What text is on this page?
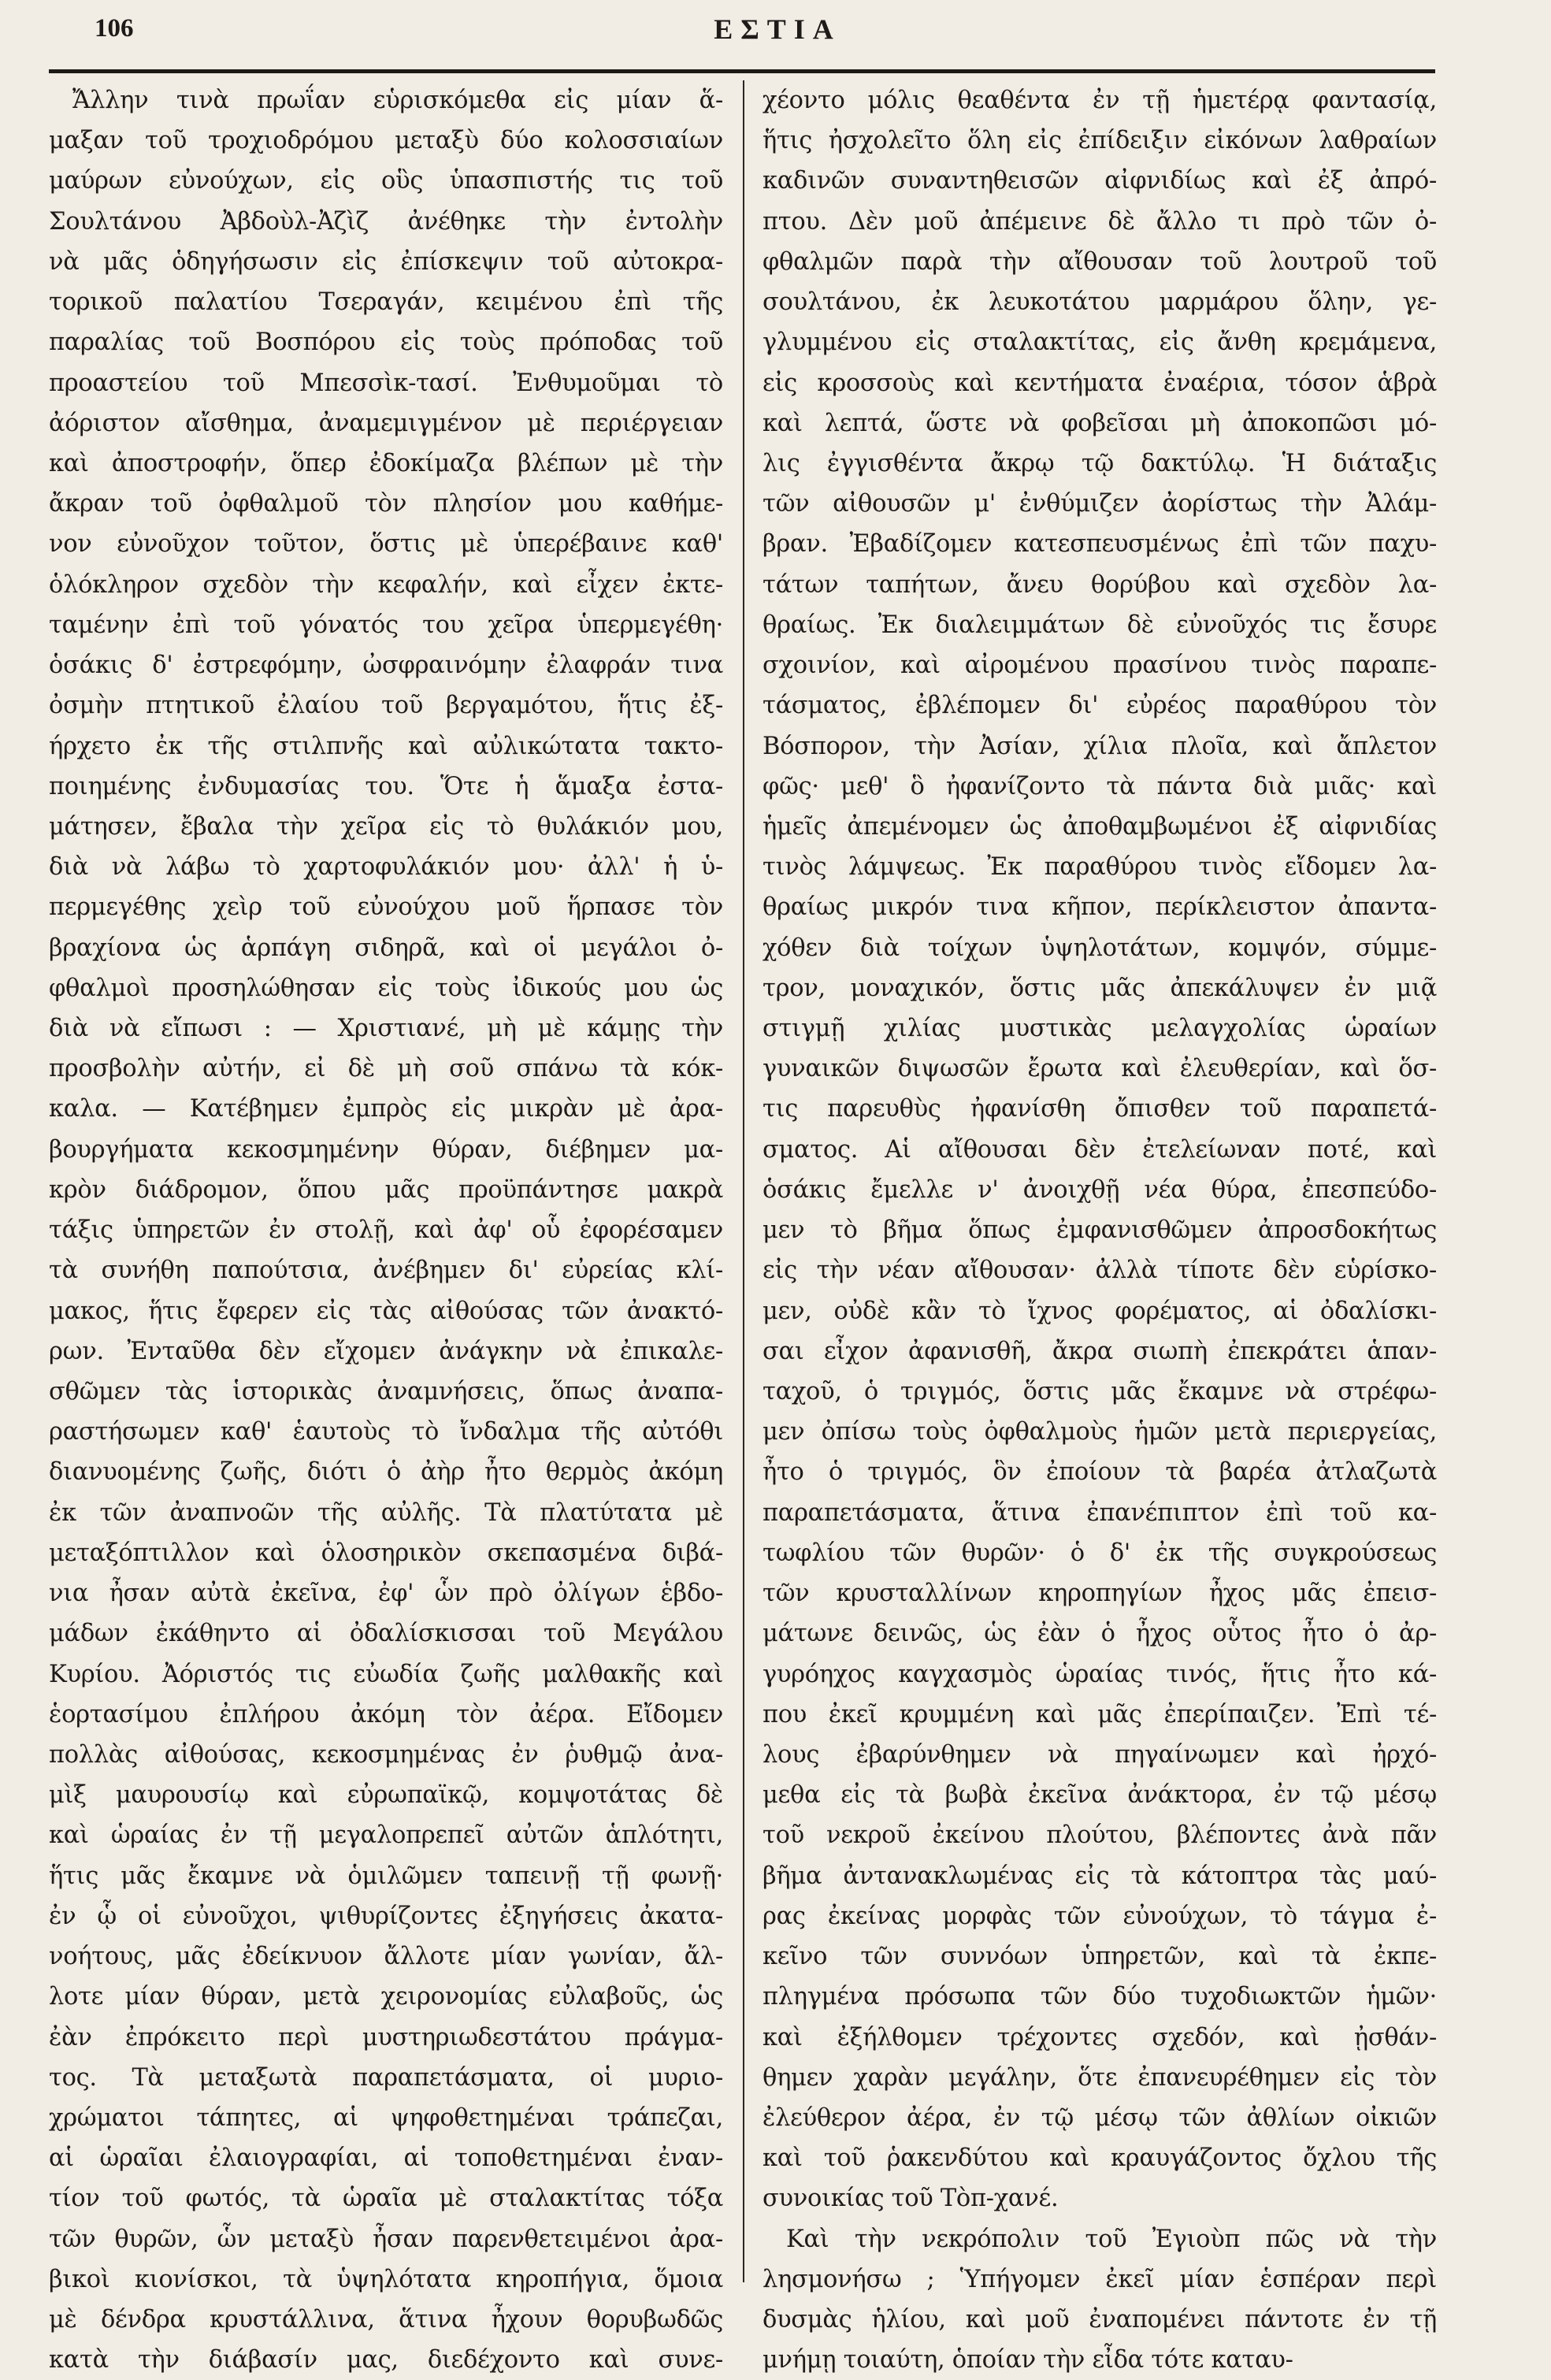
106	ΕΣΤΙΑ
Ἄλλην τινὰ πρωΐαν εὑρισκόμεθα εἰς μίαν ἅ-
μαξαν τοῦ τροχιοδρόμου μεταξὺ δύο κολοσσιαίων
μαύρων εὐνούχων, εἰς οὓς ὑπασπιστής τις τοῦ
Σουλτάνου Ἀβδοὺλ-Ἀζὶζ ἀνέθηκε τὴν ἐντολὴν
νὰ μᾶς ὁδηγήσωσιν εἰς ἐπίσκεψιν τοῦ αὐτοκρα-
τορικοῦ παλατίου Τσεραγάν, κειμένου ἐπὶ τῆς
παραλίας τοῦ Βοσπόρου εἰς τοὺς πρόποδας τοῦ
προαστείου τοῦ Μπεσσὶκ-τασί. Ἐνθυμοῦμαι τὸ
ἀόριστον αἴσθημα, ἀναμεμιγμένον μὲ περιέργειαν
καὶ ἀποστροφήν, ὅπερ ἐδοκίμαζα βλέπων μὲ τὴν
ἄκραν τοῦ ὀφθαλμοῦ τὸν πλησίον μου καθήμε-
νον εὐνοῦχον τοῦτον, ὅστις μὲ ὑπερέβαινε καθ'
ὁλόκληρον σχεδὸν τὴν κεφαλήν, καὶ εἶχεν ἐκτε-
ταμένην ἐπὶ τοῦ γόνατός του χεῖρα ὑπερμεγέθη·
ὁσάκις δ' ἐστρεφόμην, ὠσφραινόμην ἐλαφράν τινα
ὀσμὴν πτητικοῦ ἐλαίου τοῦ βεργαμότου, ἥτις ἐξ-
ήρχετο ἐκ τῆς στιλπνῆς καὶ αὐλικώτατα τακτο-
ποιημένης ἐνδυμασίας του. Ὅτε ἡ ἅμαξα ἐστα-
μάτησεν, ἔβαλα τὴν χεῖρα εἰς τὸ θυλάκιόν μου,
διὰ νὰ λάβω τὸ χαρτοφυλάκιόν μου· ἀλλ' ἡ ὑ-
περμεγέθης χεὶρ τοῦ εὐνούχου μοῦ ἥρπασε τὸν
βραχίονα ὡς ἁρπάγη σιδηρᾶ, καὶ οἱ μεγάλοι ὀ-
φθαλμοὶ προσηλώθησαν εἰς τοὺς ἰδικούς μου ὡς
διὰ νὰ εἴπωσι : — Χριστιανέ, μὴ μὲ κάμῃς τὴν
προσβολὴν αὐτήν, εἰ δὲ μὴ σοῦ σπάνω τὰ κόκ-
καλα. — Κατέβημεν ἐμπρὸς εἰς μικρὰν μὲ ἀρα-
βουργήματα κεκοσμημένην θύραν, διέβημεν μα-
κρὸν διάδρομον, ὅπου μᾶς προϋπάντησε μακρὰ
τάξις ὑπηρετῶν ἐν στολῇ, καὶ ἀφ' οὗ ἐφορέσαμεν
τὰ συνήθη παπούτσια, ἀνέβημεν δι' εὐρείας κλί-
μακος, ἥτις ἔφερεν εἰς τὰς αἰθούσας τῶν ἀνακτό-
ρων. Ἐνταῦθα δὲν εἴχομεν ἀνάγκην νὰ ἐπικαλε-
σθῶμεν τὰς ἱστορικὰς ἀναμνήσεις, ὅπως ἀναπα-
ραστήσωμεν καθ' ἑαυτοὺς τὸ ἴνδαλμα τῆς αὐτόθι
διανυομένης ζωῆς, διότι ὁ ἀὴρ ἦτο θερμὸς ἀκόμη
ἐκ τῶν ἀναπνοῶν τῆς αὐλῆς. Τὰ πλατύτατα μὲ
μεταξόπτιλλον καὶ ὁλοσηρικὸν σκεπασμένα διβά-
νια ἦσαν αὐτὰ ἐκεῖνα, ἐφ' ὧν πρὸ ὀλίγων ἑβδο-
μάδων ἐκάθηντο αἱ ὀδαλίσκισσαι τοῦ Μεγάλου
Κυρίου. Ἀόριστός τις εὐωδία ζωῆς μαλθακῆς καὶ
ἑορτασίμου ἐπλήρου ἀκόμη τὸν ἀέρα. Εἴδομεν
πολλὰς αἰθούσας, κεκοσμημένας ἐν ῥυθμῷ ἀνα-
μὶξ μαυρουσίῳ καὶ εὐρωπαϊκῷ, κομψοτάτας δὲ
καὶ ὡραίας ἐν τῇ μεγαλοπρεπεῖ αὐτῶν ἁπλότητι,
ἥτις μᾶς ἔκαμνε νὰ ὁμιλῶμεν ταπεινῇ τῇ φωνῇ·
ἐν ᾧ οἱ εὐνοῦχοι, ψιθυρίζοντες ἐξηγήσεις ἀκατα-
νοήτους, μᾶς ἐδείκνυον ἄλλοτε μίαν γωνίαν, ἄλ-
λοτε μίαν θύραν, μετὰ χειρονομίας εὐλαβοῦς, ὡς
ἐὰν ἐπρόκειτο περὶ μυστηριωδεστάτου πράγμα-
τος. Τὰ μεταξωτὰ παραπετάσματα, οἱ μυριο-
χρώματοι τάπητες, αἱ ψηφοθετημέναι τράπεζαι,
αἱ ὡραῖαι ἐλαιογραφίαι, αἱ τοποθετημέναι ἐναν-
τίον τοῦ φωτός, τὰ ὡραῖα μὲ σταλακτίτας τόξα
τῶν θυρῶν, ὧν μεταξὺ ἦσαν παρενθετειμένοι ἀρα-
βικοὶ κιονίσκοι, τὰ ὑψηλότατα κηροπήγια, ὅμοια
μὲ δένδρα κρυστάλλινα, ἅτινα ἦχουν θορυβωδῶς
κατὰ τὴν διάβασίν μας, διεδέχοντο καὶ συνε-
χέοντο μόλις θεαθέντα ἐν τῇ ἡμετέρᾳ φαντασίᾳ,
ἥτις ἠσχολεῖτο ὅλη εἰς ἐπίδειξιν εἰκόνων λαθραίων
καδινῶν συναντηθεισῶν αἰφνιδίως καὶ ἐξ ἀπρό-
πτου. Δὲν μοῦ ἀπέμεινε δὲ ἄλλο τι πρὸ τῶν ὀ-
φθαλμῶν παρὰ τὴν αἴθουσαν τοῦ λουτροῦ τοῦ
σουλτάνου, ἐκ λευκοτάτου μαρμάρου ὅλην, γε-
γλυμμένου εἰς σταλακτίτας, εἰς ἄνθη κρεμάμενα,
εἰς κροσσοὺς καὶ κεντήματα ἐναέρια, τόσον ἁβρὰ
καὶ λεπτά, ὥστε νὰ φοβεῖσαι μὴ ἀποκοπῶσι μό-
λις ἐγγισθέντα ἄκρῳ τῷ δακτύλῳ. Ἡ διάταξις
τῶν αἰθουσῶν μ' ἐνθύμιζεν ἀορίστως τὴν Ἀλάμ-
βραν. Ἐβαδίζομεν κατεσπευσμένως ἐπὶ τῶν παχυ-
τάτων ταπήτων, ἄνευ θορύβου καὶ σχεδὸν λα-
θραίως. Ἐκ διαλειμμάτων δὲ εὐνοῦχός τις ἔσυρε
σχοινίον, καὶ αἰρομένου πρασίνου τινὸς παραπε-
τάσματος, ἐβλέπομεν δι' εὐρέος παραθύρου τὸν
Βόσπορον, τὴν Ἀσίαν, χίλια πλοῖα, καὶ ἄπλετον
φῶς· μεθ' ὃ ἠφανίζοντο τὰ πάντα διὰ μιᾶς· καὶ
ἡμεῖς ἀπεμένομεν ὡς ἀποθαμβωμένοι ἐξ αἰφνιδίας
τινὸς λάμψεως. Ἐκ παραθύρου τινὸς εἴδομεν λα-
θραίως μικρόν τινα κῆπον, περίκλειστον ἀπαντα-
χόθεν διὰ τοίχων ὑψηλοτάτων, κομψόν, σύμμε-
τρον, μοναχικόν, ὅστις μᾶς ἀπεκάλυψεν ἐν μιᾷ
στιγμῇ χιλίας μυστικὰς μελαγχολίας ὡραίων
γυναικῶν διψωσῶν ἔρωτα καὶ ἐλευθερίαν, καὶ ὅσ-
τις παρευθὺς ἠφανίσθη ὄπισθεν τοῦ παραπετά-
σματος. Αἱ αἴθουσαι δὲν ἐτελείωναν ποτέ, καὶ
ὁσάκις ἔμελλε ν' ἀνοιχθῇ νέα θύρα, ἐπεσπεύδο-
μεν τὸ βῆμα ὅπως ἐμφανισθῶμεν ἀπροσδοκήτως
εἰς τὴν νέαν αἴθουσαν· ἀλλὰ τίποτε δὲν εὑρίσκο-
μεν, οὐδὲ κἂν τὸ ἴχνος φορέματος, αἱ ὀδαλίσκι-
σαι εἶχον ἀφανισθῆ, ἄκρα σιωπὴ ἐπεκράτει ἁπαν-
ταχοῦ, ὁ τριγμός, ὅστις μᾶς ἔκαμνε νὰ στρέφω-
μεν ὀπίσω τοὺς ὀφθαλμοὺς ἡμῶν μετὰ περιεργείας,
ἦτο ὁ τριγμός, ὃν ἐποίουν τὰ βαρέα ἀτλαζωτὰ
παραπετάσματα, ἅτινα ἐπανέπιπτον ἐπὶ τοῦ κα-
τωφλίου τῶν θυρῶν· ὁ δ' ἐκ τῆς συγκρούσεως
τῶν κρυσταλλίνων κηροπηγίων ἦχος μᾶς ἐπεισ-
μάτωνε δεινῶς, ὡς ἐὰν ὁ ἦχος οὗτος ἦτο ὁ ἀρ-
γυρόηχος καγχασμὸς ὡραίας τινός, ἥτις ἦτο κά-
που ἐκεῖ κρυμμένη καὶ μᾶς ἐπερίπαιζεν. Ἐπὶ τέ-
λους ἐβαρύνθημεν νὰ πηγαίνωμεν καὶ ἠρχό-
μεθα εἰς τὰ βωβὰ ἐκεῖνα ἀνάκτορα, ἐν τῷ μέσῳ
τοῦ νεκροῦ ἐκείνου πλούτου, βλέποντες ἀνὰ πᾶν
βῆμα ἀντανακλωμένας εἰς τὰ κάτοπτρα τὰς μαύ-
ρας ἐκείνας μορφὰς τῶν εὐνούχων, τὸ τάγμα ἐ-
κεῖνο τῶν συννόων ὑπηρετῶν, καὶ τὰ ἐκπε-
πληγμένα πρόσωπα τῶν δύο τυχοδιωκτῶν ἡμῶν·
καὶ ἐξήλθομεν τρέχοντες σχεδόν, καὶ ᾐσθάν-
θημεν χαρὰν μεγάλην, ὅτε ἐπανευρέθημεν εἰς τὸν
ἐλεύθερον ἀέρα, ἐν τῷ μέσῳ τῶν ἀθλίων οἰκιῶν
καὶ τοῦ ῥακενδύτου καὶ κραυγάζοντος ὄχλου τῆς
συνοικίας τοῦ Τὸπ-χανέ.
Καὶ τὴν νεκρόπολιν τοῦ Ἐγιοὺπ πῶς νὰ τὴν
λησμονήσω ; Ὑπήγομεν ἐκεῖ μίαν ἑσπέραν περὶ
δυσμὰς ἡλίου, καὶ μοῦ ἐναπομένει πάντοτε ἐν τῇ
μνήμῃ τοιαύτη, ὁποίαν τὴν εἶδα τότε καταυ-
